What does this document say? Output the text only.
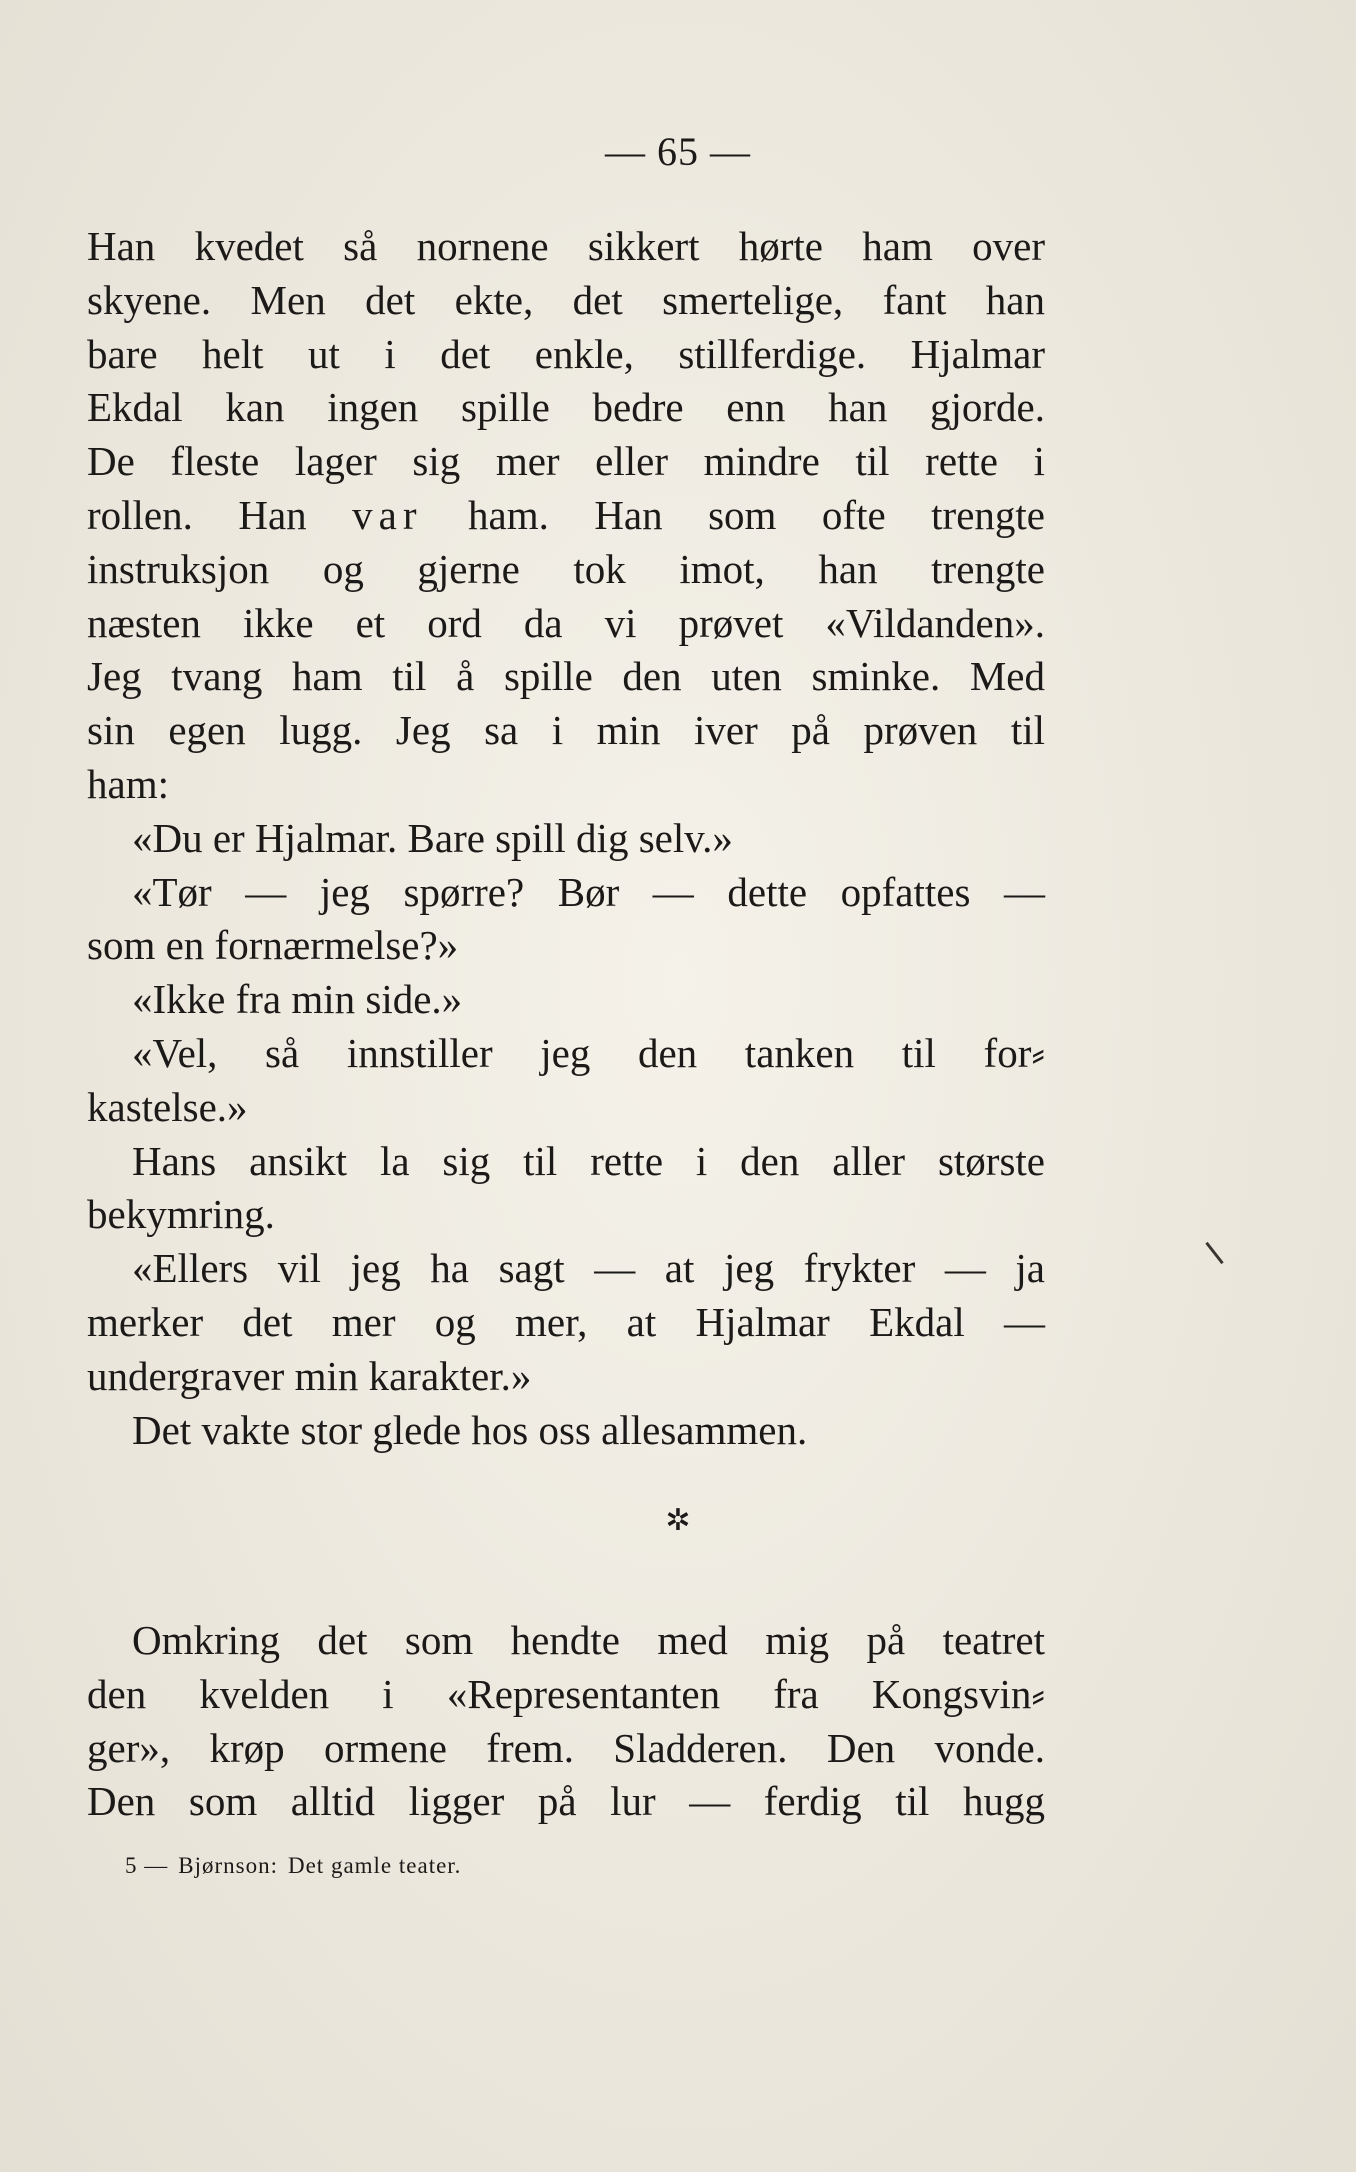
— 65 —

Han kvedet så nornene sikkert hørte ham over

skyene. Men det ekte, det smertelige, fant han

bare helt ut i det enkle, stillferdige. Hjalmar

Ekdal kan ingen spille bedre enn han gjorde.

De fleste lager sig mer eller mindre til rette i

rollen. Han var ham. Han som ofte trengte

instruksjon og gjerne tok imot, han trengte

næsten ikke et ord da vi prøvet «Vildanden».

Jeg tvang ham til å spille den uten sminke. Med

sin egen lugg. Jeg sa i min iver på prøven til

ham:

«Du er Hjalmar. Bare spill dig selv.»

«Tør — jeg spørre? Bør — dette opfattes —

som en fornærmelse?»

«Ikke fra min side.»

«Vel, så innstiller jeg den tanken til for⸗

kastelse.»

Hans ansikt la sig til rette i den aller største

bekymring.

«Ellers vil jeg ha sagt — at jeg frykter — ja

merker det mer og mer, at Hjalmar Ekdal —

undergraver min karakter.»

Det vakte stor glede hos oss allesammen.

✲

Omkring det som hendte med mig på teatret

den kvelden i «Representanten fra Kongsvin⸗

ger», krøp ormene frem. Sladderen. Den vonde.

Den som alltid ligger på lur — ferdig til hugg

5 — Bjørnson: Det gamle teater.
